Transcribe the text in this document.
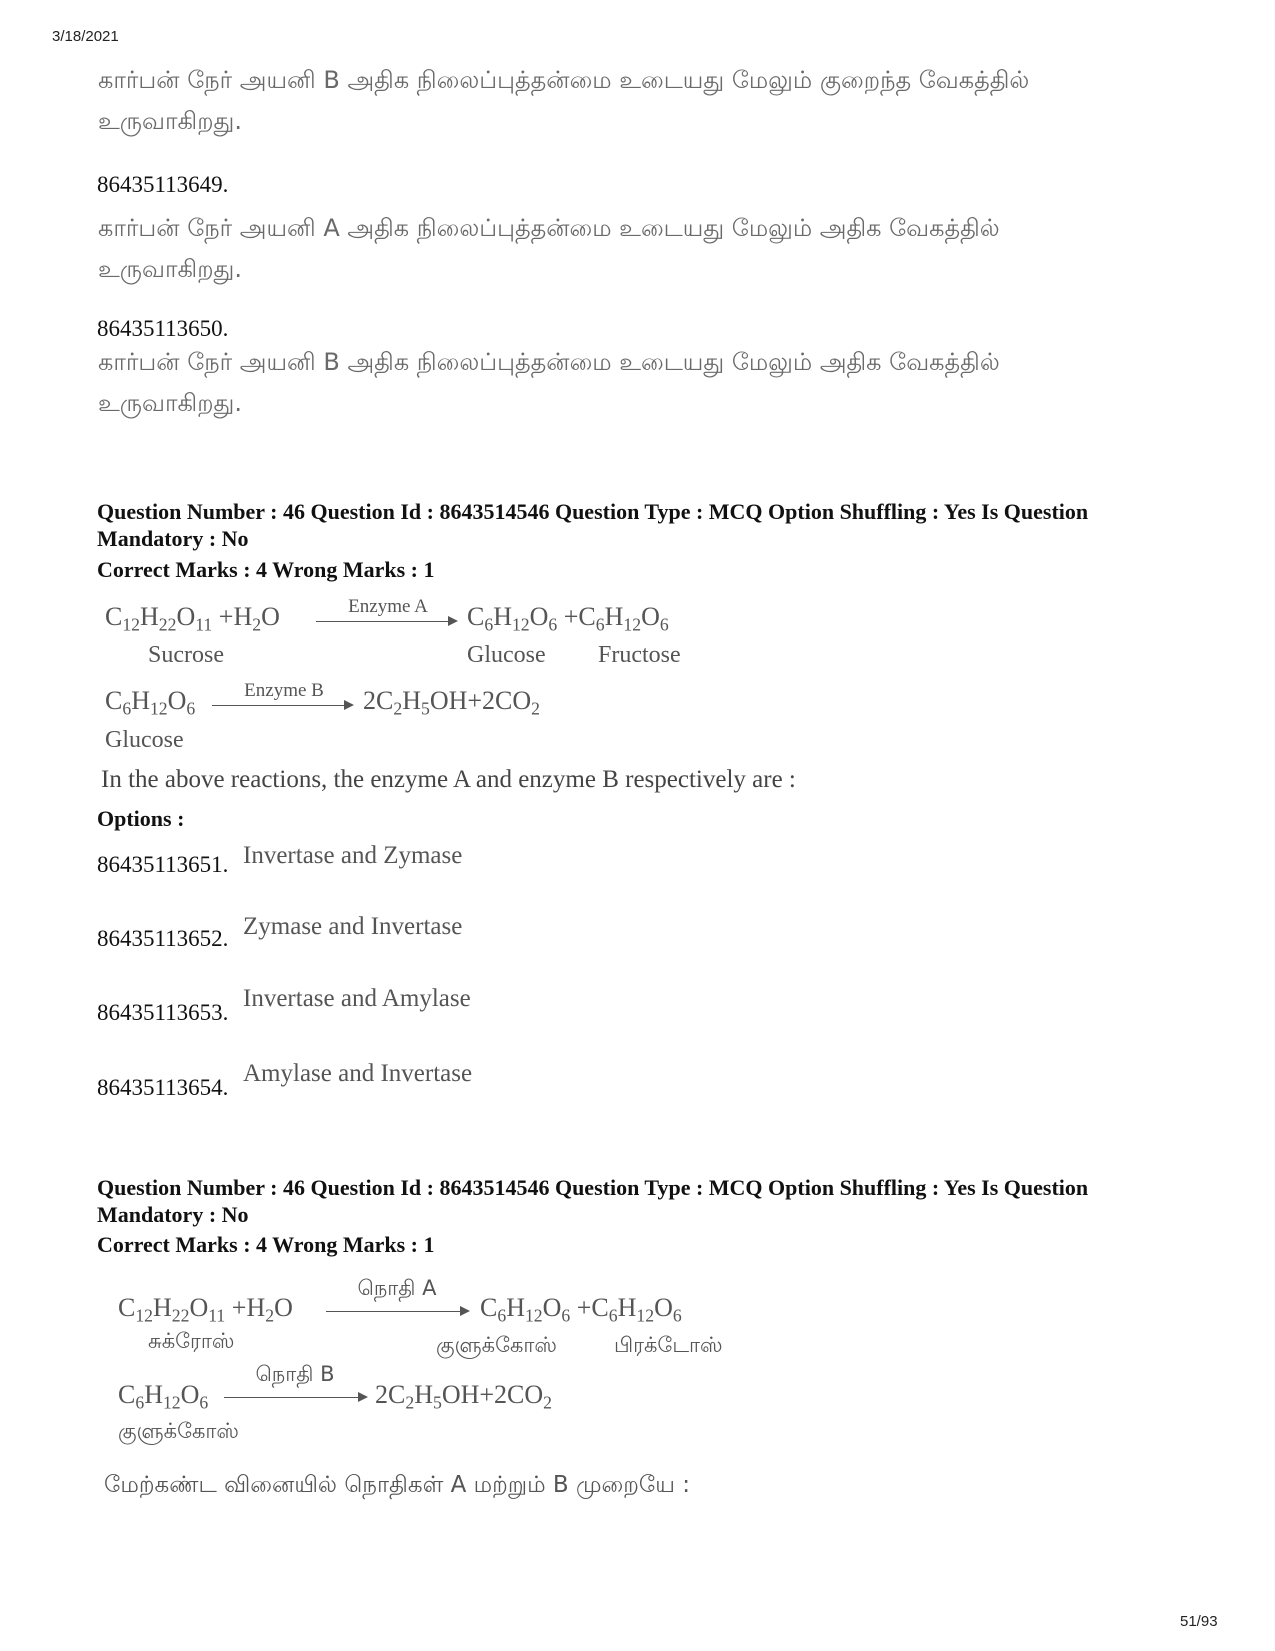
3/18/2021
கார்பன் நேர் அயனி B அதிக நிலைப்புத்தன்மை உடையது மேலும் குறைந்த வேகத்தில் உருவாகிறது.
86435113649.
கார்பன் நேர் அயனி A அதிக நிலைப்புத்தன்மை உடையது மேலும் அதிக வேகத்தில் உருவாகிறது.
86435113650.
கார்பன் நேர் அயனி B அதிக நிலைப்புத்தன்மை உடையது மேலும் அதிக வேகத்தில் உருவாகிறது.
Question Number : 46 Question Id : 8643514546 Question Type : MCQ Option Shuffling : Yes Is Question Mandatory : No
Correct Marks : 4 Wrong Marks : 1
$C_{12}H_{22}O_{11} +H_2O$	Enzyme A	$C_6H_{12}O_6 +C_6H_{12}O_6$
Sucrose	Glucose Fructose
$C_6H_{12}O_6$
Enzyme B	$2C_2H_5OH+2CO_2$
Glucose
In the above reactions, the enzyme A and enzyme B respectively are :
Options :
86435113651. Invertase and Zymase
86435113652. Zymase and Invertase
86435113653.
Invertase and Amylase
86435113654.
Amylase and Invertase
Question Number : 46 Question Id : 8643514546 Question Type : MCQ Option Shuffling : Yes Is Question Mandatory : No
Correct Marks : 4 Wrong Marks : 1
$C_{12}H_{22}O_{11} +H_2O$
நொதி A
$C_6H_{12}O_6 +C_6H_{12}O_6$
சுக்ரோஸ்	குளுக்கோஸ்	பிரக்டோஸ்
$C_6H_{12}O_6$
நொதி B
$2C_2H_5OH+2CO_2$
குளுக்கோஸ்
மேற்கண்ட வினையில் நொதிகள் A மற்றும் B முறையே :
51/93
